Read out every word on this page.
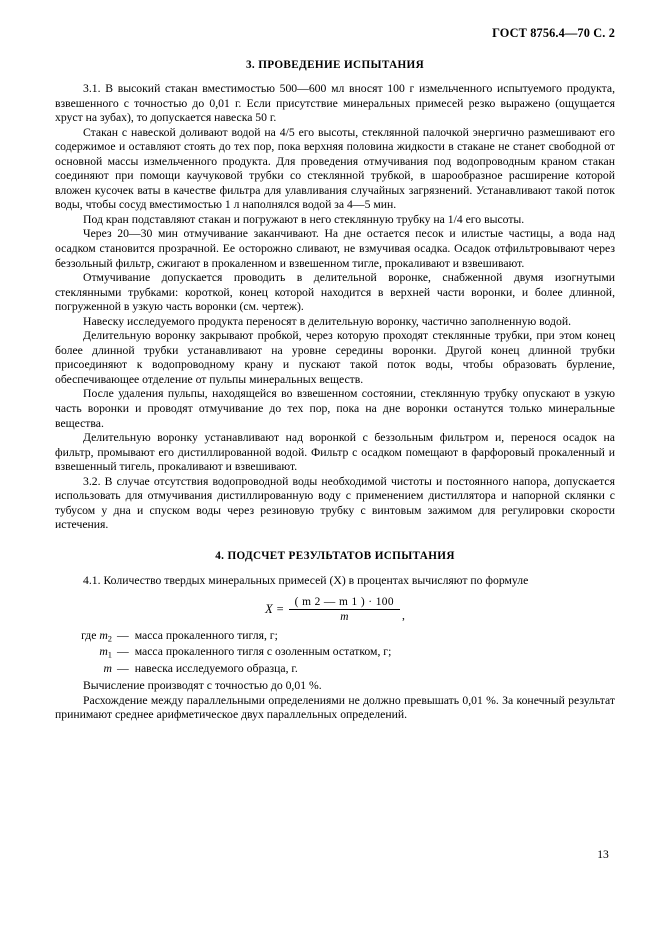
ГОСТ 8756.4—70 С. 2
3. ПРОВЕДЕНИЕ ИСПЫТАНИЯ

3.1. В высокий стакан вместимостью 500—600 мл вносят 100 г измельченного испытуемого продукта, взвешенного с точностью до 0,01 г. Если присутствие минеральных примесей резко выражено (ощущается хруст на зубах), то допускается навеска 50 г.

Стакан с навеской доливают водой на 4/5 его высоты, стеклянной палочкой энергично размешивают его содержимое и оставляют стоять до тех пор, пока верхняя половина жидкости в стакане не станет свободной от основной массы измельченного продукта. Для проведения отмучивания под водопроводным краном стакан соединяют при помощи каучуковой трубки со стеклянной трубкой, в шарообразное расширение которой вложен кусочек ваты в качестве фильтра для улавливания случайных загрязнений. Устанавливают такой поток воды, чтобы сосуд вместимостью 1 л наполнялся водой за 4—5 мин.

Под кран подставляют стакан и погружают в него стеклянную трубку на 1/4 его высоты.

Через 20—30 мин отмучивание заканчивают. На дне остается песок и илистые частицы, а вода над осадком становится прозрачной. Ее осторожно сливают, не взмучивая осадка. Осадок отфильтровывают через беззольный фильтр, сжигают в прокаленном и взвешенном тигле, прокаливают и взвешивают.

Отмучивание допускается проводить в делительной воронке, снабженной двумя изогнутыми стеклянными трубками: короткой, конец которой находится в верхней части воронки, и более длинной, погруженной в узкую часть воронки (см. чертеж).

Навеску исследуемого продукта переносят в делительную воронку, частично заполненную водой.

Делительную воронку закрывают пробкой, через которую проходят стеклянные трубки, при этом конец более длинной трубки устанавливают на уровне середины воронки. Другой конец длинной трубки присоединяют к водопроводному крану и пускают такой поток воды, чтобы образовать бурление, обеспечивающее отделение от пульпы минеральных веществ.

После удаления пульпы, находящейся во взвешенном состоянии, стеклянную трубку опускают в узкую часть воронки и проводят отмучивание до тех пор, пока на дне воронки останутся только минеральные вещества.

Делительную воронку устанавливают над воронкой с беззольным фильтром и, перенося осадок на фильтр, промывают его дистиллированной водой. Фильтр с осадком помещают в фарфоровый прокаленный и взвешенный тигель, прокаливают и взвешивают.

3.2. В случае отсутствия водопроводной воды необходимой чистоты и постоянного напора, допускается использовать для отмучивания дистиллированную воду с применением дистиллятора и напорной склянки с тубусом у дна и спуском воды через резиновую трубку с винтовым зажимом для регулировки скорости истечения.

4. ПОДСЧЕТ РЕЗУЛЬТАТОВ ИСПЫТАНИЯ

4.1. Количество твердых минеральных примесей (X) в процентах вычисляют по формуле

$X = \frac{( m 2 — m 1 ) \cdot 100}{m}$ ,
где $m_2$ — масса прокаленного тигля, г;
$m_1$ — масса прокаленного тигля с озоленным остатком, г;
m — навеска исследуемого образца, г.

Вычисление производят с точностью до 0,01 %.

Расхождение между параллельными определениями не должно превышать 0,01 %. За конечный результат принимают среднее арифметическое двух параллельных определений.

13
